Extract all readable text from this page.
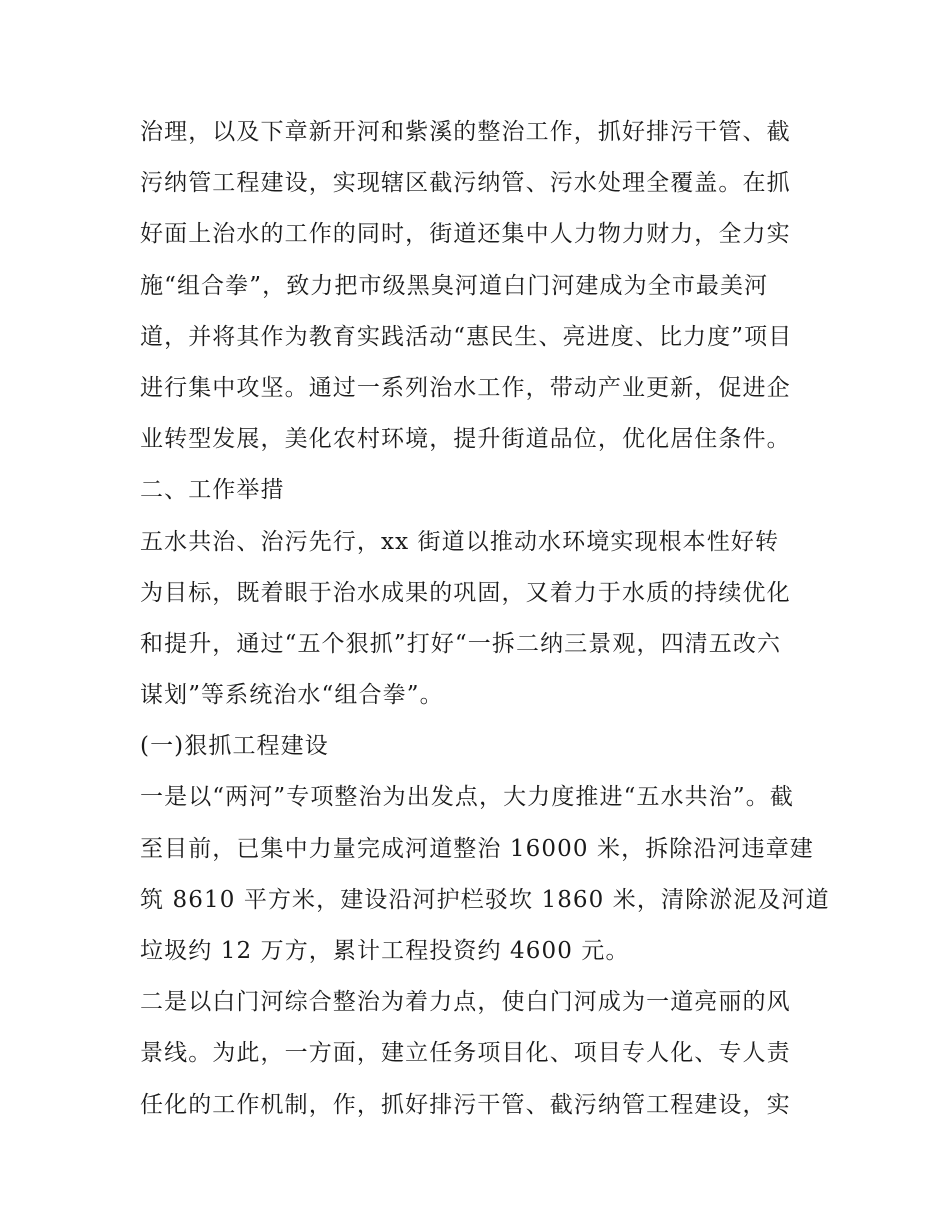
治理，以及下章新开河和紫溪的整治工作，抓好排污干管、截
污纳管工程建设，实现辖区截污纳管、污水处理全覆盖。在抓
好面上治水的工作的同时，街道还集中人力物力财力，全力实
施“组合拳”，致力把市级黑臭河道白门河建成为全市最美河
道，并将其作为教育实践活动“惠民生、亮进度、比力度”项目
进行集中攻坚。通过一系列治水工作，带动产业更新，促进企
业转型发展，美化农村环境，提升街道品位，优化居住条件。
二、工作举措
五水共治、治污先行，xx 街道以推动水环境实现根本性好转
为目标，既着眼于治水成果的巩固，又着力于水质的持续优化
和提升，通过“五个狠抓”打好“一拆二纳三景观，四清五改六
谋划”等系统治水“组合拳”。
(一)狠抓工程建设
一是以“两河”专项整治为出发点，大力度推进“五水共治”。截
至目前，已集中力量完成河道整治 16000 米，拆除沿河违章建
筑 8610 平方米，建设沿河护栏驳坎 1860 米，清除淤泥及河道
垃圾约 12 万方，累计工程投资约 4600 元。
二是以白门河综合整治为着力点，使白门河成为一道亮丽的风
景线。为此，一方面，建立任务项目化、项目专人化、专人责
任化的工作机制，作，抓好排污干管、截污纳管工程建设，实
